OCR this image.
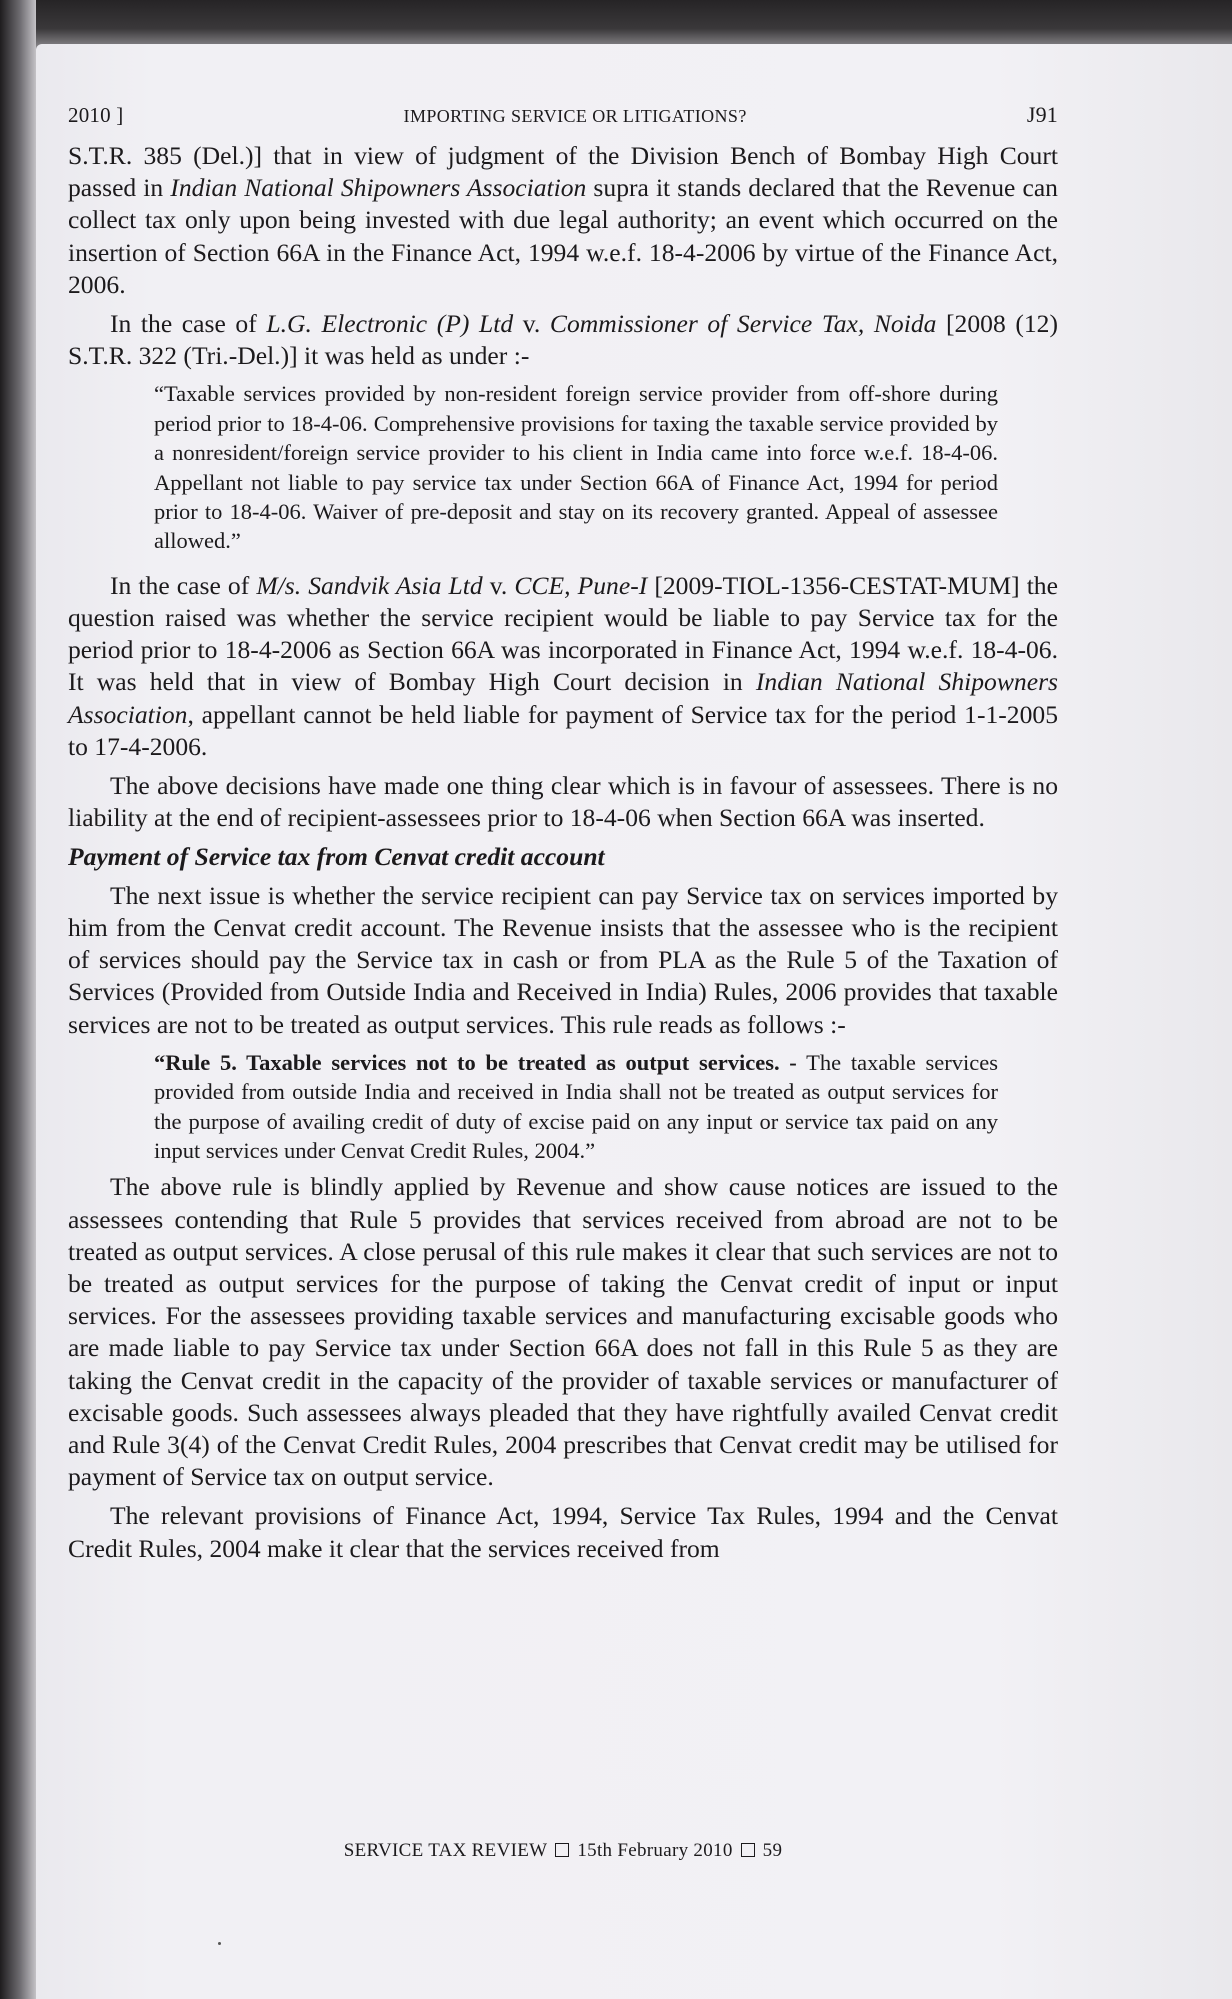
2010 ]	IMPORTING SERVICE OR LITIGATIONS?	J91

S.T.R. 385 (Del.)] that in view of judgment of the Division Bench of Bombay High Court passed in Indian National Shipowners Association supra it stands declared that the Revenue can collect tax only upon being invested with due legal authority; an event which occurred on the insertion of Section 66A in the Finance Act, 1994 w.e.f. 18-4-2006 by virtue of the Finance Act, 2006.

In the case of L.G. Electronic (P) Ltd v. Commissioner of Service Tax, Noida [2008 (12) S.T.R. 322 (Tri.-Del.)] it was held as under :-

“Taxable services provided by non-resident foreign service provider from off-shore during period prior to 18-4-06. Comprehensive provisions for taxing the taxable service provided by a nonresident/foreign service provider to his client in India came into force w.e.f. 18-4-06. Appellant not liable to pay service tax under Section 66A of Finance Act, 1994 for period prior to 18-4-06. Waiver of pre-deposit and stay on its recovery granted. Appeal of assessee allowed.”

In the case of M/s. Sandvik Asia Ltd v. CCE, Pune-I [2009-TIOL-1356-CESTAT-MUM] the question raised was whether the service recipient would be liable to pay Service tax for the period prior to 18-4-2006 as Section 66A was incorporated in Finance Act, 1994 w.e.f. 18-4-06. It was held that in view of Bombay High Court decision in Indian National Shipowners Association, appellant cannot be held liable for payment of Service tax for the period 1-1-2005 to 17-4-2006.

The above decisions have made one thing clear which is in favour of assessees. There is no liability at the end of recipient-assessees prior to 18-4-06 when Section 66A was inserted.

Payment of Service tax from Cenvat credit account

The next issue is whether the service recipient can pay Service tax on services imported by him from the Cenvat credit account. The Revenue insists that the assessee who is the recipient of services should pay the Service tax in cash or from PLA as the Rule 5 of the Taxation of Services (Provided from Outside India and Received in India) Rules, 2006 provides that taxable services are not to be treated as output services. This rule reads as follows :-

“Rule 5. Taxable services not to be treated as output services. - The taxable services provided from outside India and received in India shall not be treated as output services for the purpose of availing credit of duty of excise paid on any input or service tax paid on any input services under Cenvat Credit Rules, 2004.”

The above rule is blindly applied by Revenue and show cause notices are issued to the assessees contending that Rule 5 provides that services received from abroad are not to be treated as output services. A close perusal of this rule makes it clear that such services are not to be treated as output services for the purpose of taking the Cenvat credit of input or input services. For the assessees providing taxable services and manufacturing excisable goods who are made liable to pay Service tax under Section 66A does not fall in this Rule 5 as they are taking the Cenvat credit in the capacity of the provider of taxable services or manufacturer of excisable goods. Such assessees always pleaded that they have rightfully availed Cenvat credit and Rule 3(4) of the Cenvat Credit Rules, 2004 prescribes that Cenvat credit may be utilised for payment of Service tax on output service.

The relevant provisions of Finance Act, 1994, Service Tax Rules, 1994 and the Cenvat Credit Rules, 2004 make it clear that the services received from

SERVICE TAX REVIEW 15th February 2010 59
